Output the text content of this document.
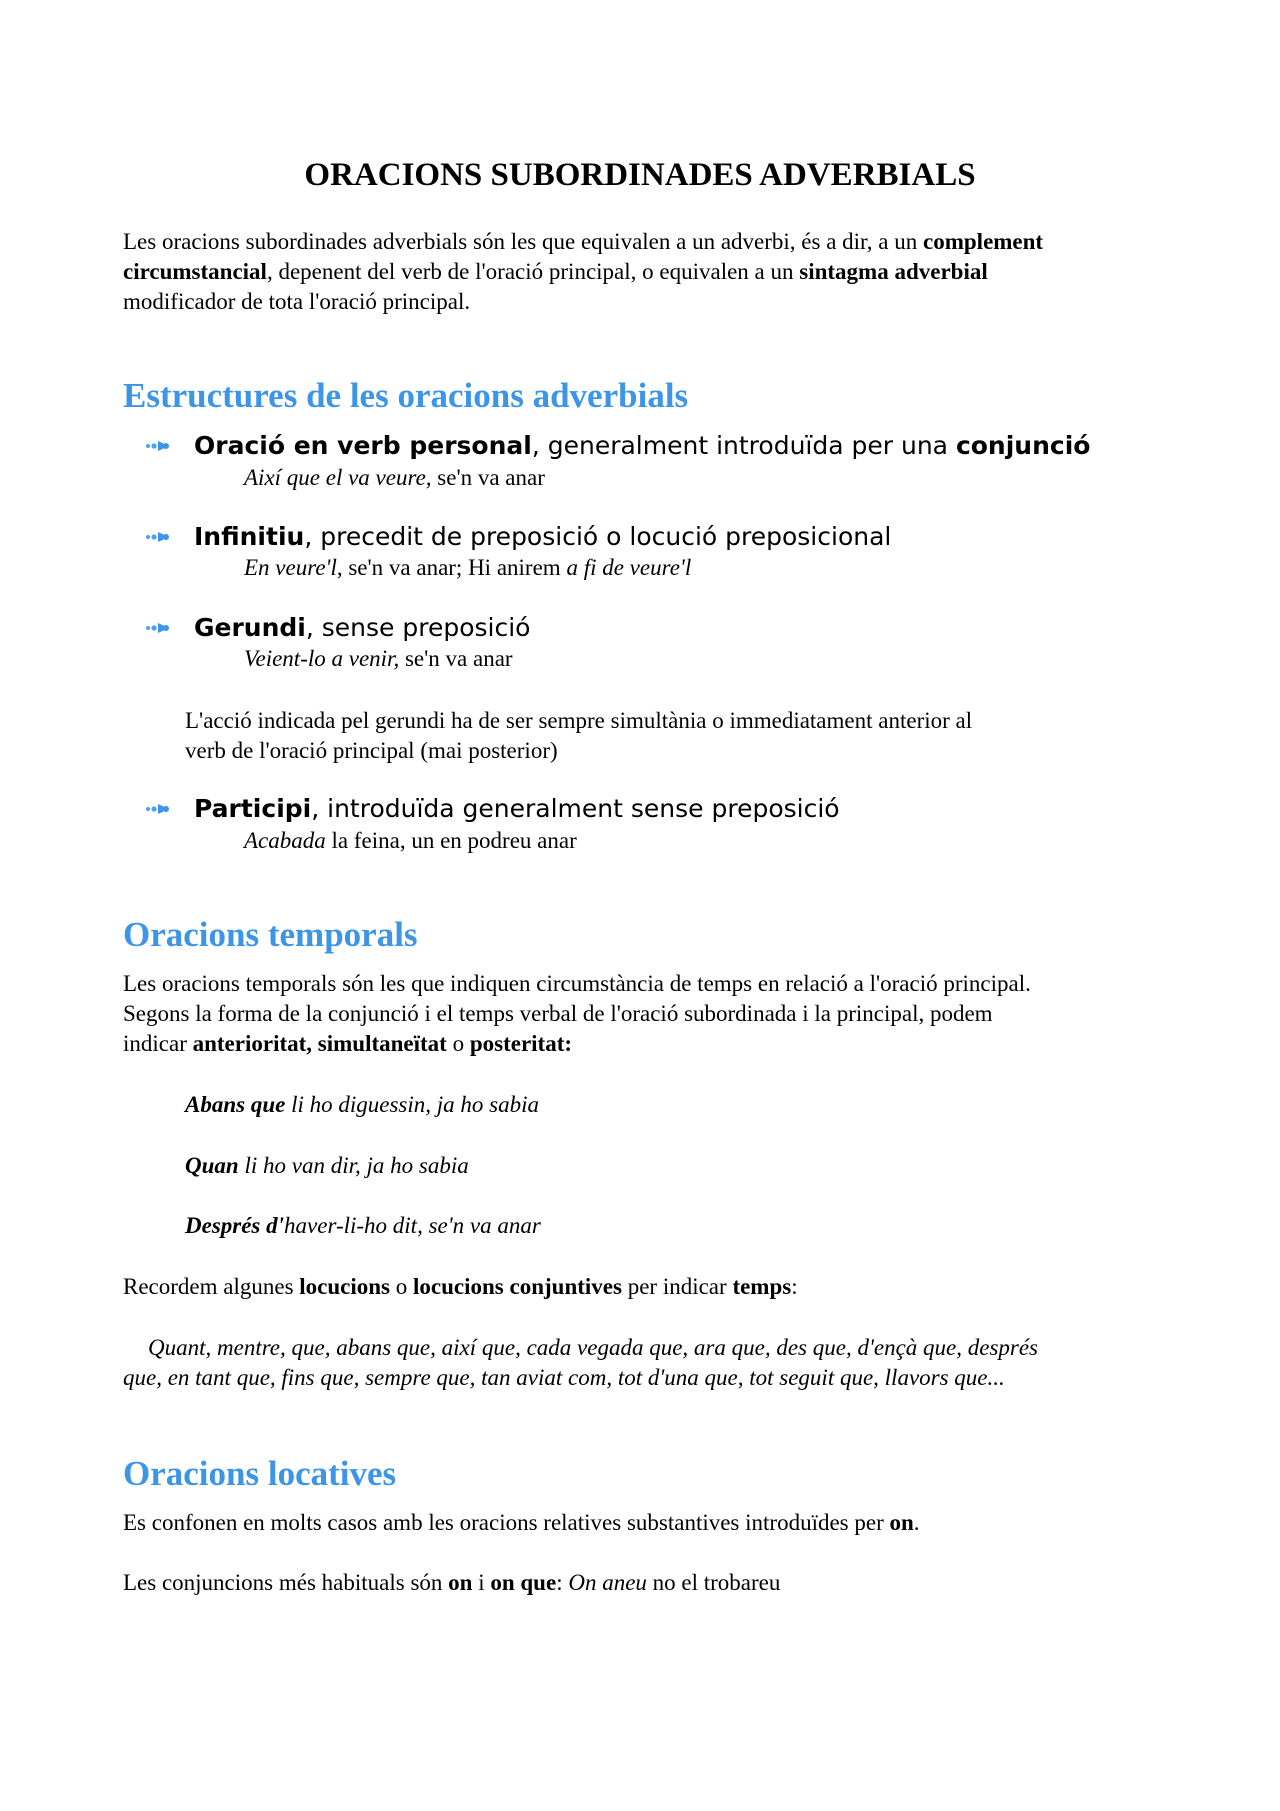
ORACIONS SUBORDINADES ADVERBIALS
Les oracions subordinades adverbials són les que equivalen a un adverbi, és a dir, a un complement
circumstancial, depenent del verb de l'oració principal, o equivalen a un sintagma adverbial
modificador de tota l'oració principal.
Estructures de les oracions adverbials
Oració en verb personal, generalment introduïda per una conjunció
Així que el va veure, se'n va anar
Infinitiu, precedit de preposició o locució preposicional
En veure'l, se'n va anar; Hi anirem a fi de veure'l
Gerundi, sense preposició
Veient-lo a venir, se'n va anar
L'acció indicada pel gerundi ha de ser sempre simultània o immediatament anterior al
verb de l'oració principal (mai posterior)
Participi, introduïda generalment sense preposició
Acabada la feina, un en podreu anar
Oracions temporals
Les oracions temporals són les que indiquen circumstància de temps en relació a l'oració principal.
Segons la forma de la conjunció i el temps verbal de l'oració subordinada i la principal, podem
indicar anterioritat, simultaneïtat o posteritat:
Abans que li ho diguessin, ja ho sabia
Quan li ho van dir, ja ho sabia
Després d'haver-li-ho dit, se'n va anar
Recordem algunes locucions o locucions conjuntives per indicar temps:
Quant, mentre, que, abans que, així que, cada vegada que, ara que, des que, d'ençà que, després
que, en tant que, fins que, sempre que, tan aviat com, tot d'una que, tot seguit que, llavors que...
Oracions locatives
Es confonen en molts casos amb les oracions relatives substantives introduïdes per on.
Les conjuncions més habituals són on i on que: On aneu no el trobareu
